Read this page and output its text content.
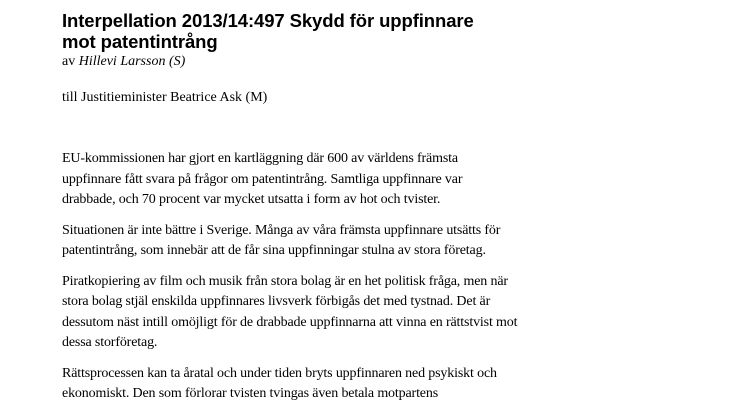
Interpellation 2013/14:497 Skydd för uppfinnare
mot patentintrång
av Hillevi Larsson (S)
till Justitieminister Beatrice Ask (M)

EU-kommissionen har gjort en kartläggning där 600 av världens främsta
uppfinnare fått svara på frågor om patentintrång. Samtliga uppfinnare var
drabbade, och 70 procent var mycket utsatta i form av hot och tvister.

Situationen är inte bättre i Sverige. Många av våra främsta uppfinnare utsätts för
patentintrång, som innebär att de får sina uppfinningar stulna av stora företag.

Piratkopiering av film och musik från stora bolag är en het politisk fråga, men när
stora bolag stjäl enskilda uppfinnares livsverk förbigås det med tystnad. Det är
dessutom näst intill omöjligt för de drabbade uppfinnarna att vinna en rättstvist mot
dessa storföretag.

Rättsprocessen kan ta åratal och under tiden bryts uppfinnaren ned psykiskt och
ekonomiskt. Den som förlorar tvisten tvingas även betala motpartens
